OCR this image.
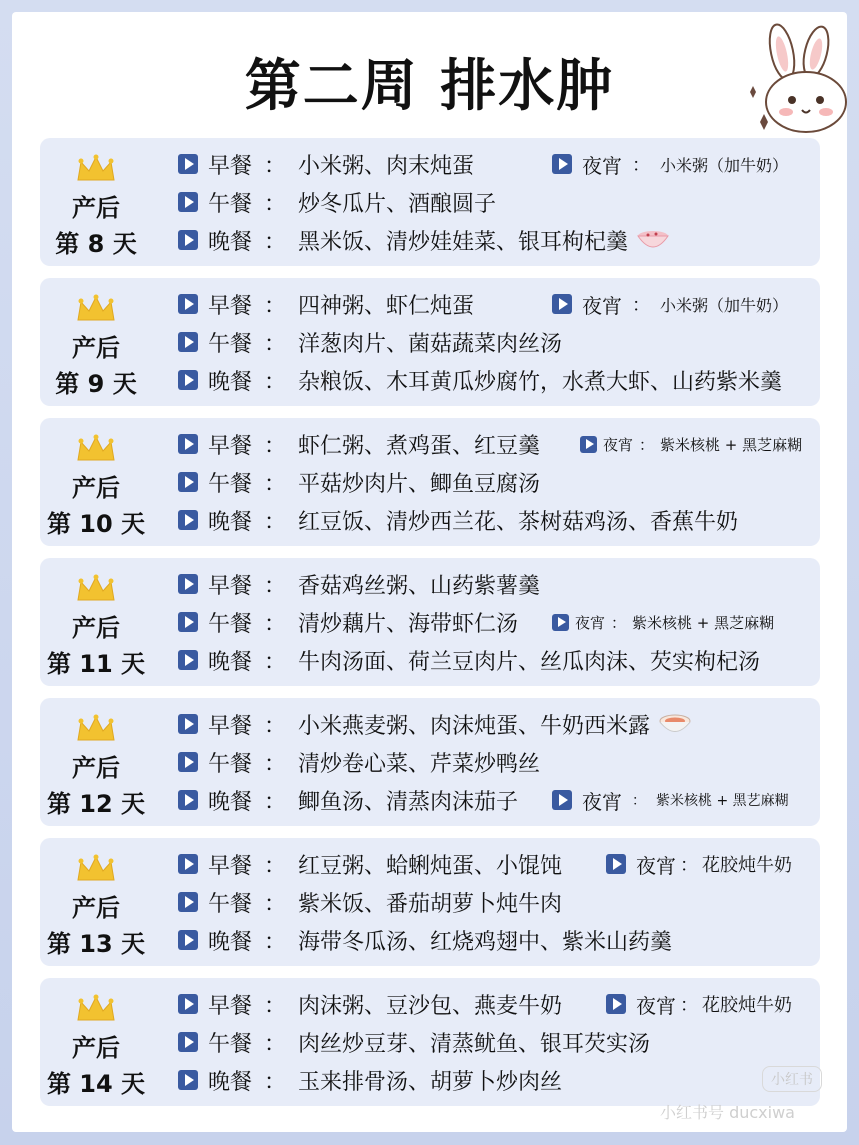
第二周 排水肿
产后
第 8 天
早餐 ： 小米粥、肉末炖蛋
午餐 ： 炒冬瓜片、酒酿圆子
晚餐 ： 黑米饭、清炒娃娃菜、银耳枸杞羹
夜宵 ： 小米粥（加牛奶）
产后
第 9 天
早餐 ： 四神粥、虾仁炖蛋
午餐 ： 洋葱肉片、菌菇蔬菜肉丝汤
晚餐 ： 杂粮饭、木耳黄瓜炒腐竹，水煮大虾、山药紫米羹
夜宵 ： 小米粥（加牛奶）
产后
第 10 天
早餐 ： 虾仁粥、煮鸡蛋、红豆羹
午餐 ： 平菇炒肉片、鲫鱼豆腐汤
晚餐 ： 红豆饭、清炒西兰花、茶树菇鸡汤、香蕉牛奶
夜宵 ： 紫米核桃 + 黑芝麻糊
产后
第 11 天
早餐 ： 香菇鸡丝粥、山药紫薯羹
午餐 ： 清炒藕片、海带虾仁汤
晚餐 ： 牛肉汤面、荷兰豆肉片、丝瓜肉沫、芡实枸杞汤
夜宵 ： 紫米核桃 + 黑芝麻糊
产后
第 12 天
早餐 ： 小米燕麦粥、肉沫炖蛋、牛奶西米露
午餐 ： 清炒卷心菜、芹菜炒鸭丝
晚餐 ： 鲫鱼汤、清蒸肉沫茄子	夜宵 ： 紫米核桃 + 黑艺麻糊
产后
第 13 天
早餐 ： 红豆粥、蛤蜊炖蛋、小馄饨
午餐 ： 紫米饭、番茄胡萝卜炖牛肉
晚餐 ： 海带冬瓜汤、红烧鸡翅中、紫米山药羹
夜宵 ： 花胶炖牛奶
产后
第 14 天
早餐 ： 肉沫粥、豆沙包、燕麦牛奶
午餐 ： 肉丝炒豆芽、清蒸鱿鱼、银耳芡实汤
晚餐 ： 玉来排骨汤、胡萝卜炒肉丝
夜宵 ： 花胶炖牛奶
小红书
小红书号 ducxiwa
